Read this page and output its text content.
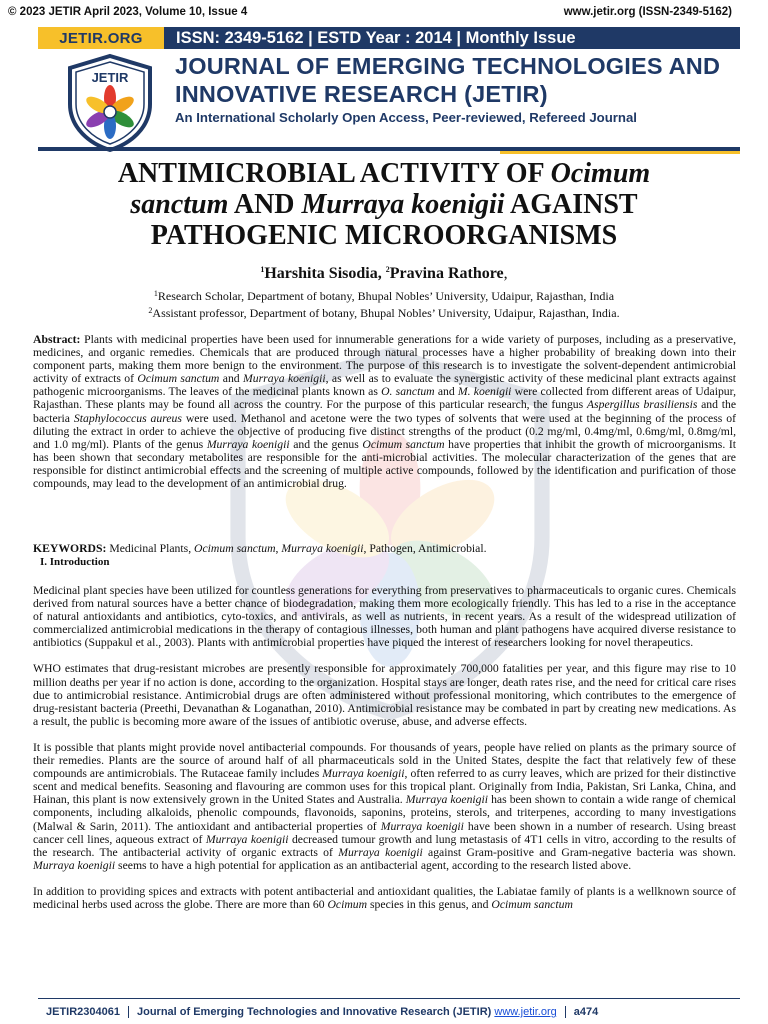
© 2023 JETIR April 2023, Volume 10, Issue 4	www.jetir.org (ISSN-2349-5162)
JETIR.ORG	ISSN: 2349-5162 | ESTD Year : 2014 | Monthly Issue
JETIR JOURNAL OF EMERGING TECHNOLOGIES AND
INNOVATIVE RESEARCH (JETIR)
An International Scholarly Open Access, Peer-reviewed, Refereed Journal
ANTIMICROBIAL ACTIVITY OF Ocimum
sanctum AND Murraya koenigii AGAINST
PATHOGENIC MICROORGANISMS
$^1$Harshita Sisodia, $^2$Pravina Rathore,
$^1$Research Scholar, Department of botany, Bhupal Nobles’ University, Udaipur, Rajasthan, India
$^2$Assistant professor, Department of botany, Bhupal Nobles’ University, Udaipur, Rajasthan, India.
Abstract: Plants with medicinal properties have been used for innumerable generations for a wide variety of purposes, including as a preservative, medicines, and organic remedies. Chemicals that are produced through natural processes have a higher probability of breaking down into their component parts, making them more benign to the environment. The purpose of this research is to investigate the solvent-dependent antimicrobial activity of extracts of Ocimum sanctum and Murraya koenigii, as well as to evaluate the synergistic activity of these medicinal plant extracts against pathogenic microorganisms. The leaves of the medicinal plants known as O. sanctum and M. koenigii were collected from different areas of Udaipur, Rajasthan. These plants may be found all across the country. For the purpose of this particular research, the fungus Aspergillus brasiliensis and the bacteria Staphylococcus aureus were used. Methanol and acetone were the two types of solvents that were used at the beginning of the process of diluting the extract in order to achieve the objective of producing five distinct strengths of the product (0.2 mg/ml, 0.4mg/ml, 0.6mg/ml, 0.8mg/ml, and 1.0 mg/ml). Plants of the genus Murraya koenigii and the genus Ocimum sanctum have properties that inhibit the growth of microorganisms. It has been shown that secondary metabolites are responsible for the anti-microbial activities. The molecular characterization of the genes that are responsible for distinct antimicrobial effects and the screening of multiple active compounds, followed by the identification and purification of those compounds, may lead to the development of an antimicrobial drug.
KEYWORDS: Medicinal Plants, Ocimum sanctum, Murraya koenigii, Pathogen, Antimicrobial.
I. Introduction

Medicinal plant species have been utilized for countless generations for everything from preservatives to pharmaceuticals to organic cures. Chemicals derived from natural sources have a better chance of biodegradation, making them more ecologically friendly. This has led to a rise in the acceptance of natural antioxidants and antibiotics, cyto-toxics, and antivirals, as well as nutrients, in recent years. As a result of the widespread utilization of commercialized antimicrobial medications in the therapy of contagious illnesses, both human and plant pathogens have acquired diverse resistance to antibiotics (Suppakul et al., 2003). Plants with antimicrobial properties have piqued the interest of researchers looking for novel therapeutics.

WHO estimates that drug-resistant microbes are presently responsible for approximately 700,000 fatalities per year, and this figure may rise to 10 million deaths per year if no action is done, according to the organization. Hospital stays are longer, death rates rise, and the need for critical care rises due to antimicrobial resistance. Antimicrobial drugs are often administered without professional monitoring, which contributes to the emergence of drug-resistant bacteria (Preethi, Devanathan & Loganathan, 2010). Antimicrobial resistance may be combated in part by creating new medications. As a result, the public is becoming more aware of the issues of antibiotic overuse, abuse, and adverse effects.

It is possible that plants might provide novel antibacterial compounds. For thousands of years, people have relied on plants as the primary source of their remedies. Plants are the source of around half of all pharmaceuticals sold in the United States, despite the fact that relatively few of these compounds are antimicrobials. The Rutaceae family includes Murraya koenigii, often referred to as curry leaves, which are prized for their distinctive scent and medical benefits. Seasoning and flavouring are common uses for this tropical plant. Originally from India, Pakistan, Sri Lanka, China, and Hainan, this plant is now extensively grown in the United States and Australia. Murraya koenigii has been shown to contain a wide range of chemical components, including alkaloids, phenolic compounds, flavonoids, saponins, proteins, sterols, and triterpenes, according to many investigations (Malwal & Sarin, 2011). The antioxidant and antibacterial properties of Murraya koenigii have been shown in a number of research. Using breast cancer cell lines, aqueous extract of Murraya koenigii decreased tumour growth and lung metastasis of 4T1 cells in vitro, according to the results of the research. The antibacterial activity of organic extracts of Murraya koenigii against Gram-positive and Gram-negative bacteria was shown. Murraya koenigii seems to have a high potential for application as an antibacterial agent, according to the research listed above.

In addition to providing spices and extracts with potent antibacterial and antioxidant qualities, the Labiatae family of plants is a wellknown source of medicinal herbs used across the globe. There are more than 60 Ocimum species in this genus, and Ocimum sanctum

JETIR2304061	Journal of Emerging Technologies and Innovative Research (JETIR) www.jetir.org	a474
